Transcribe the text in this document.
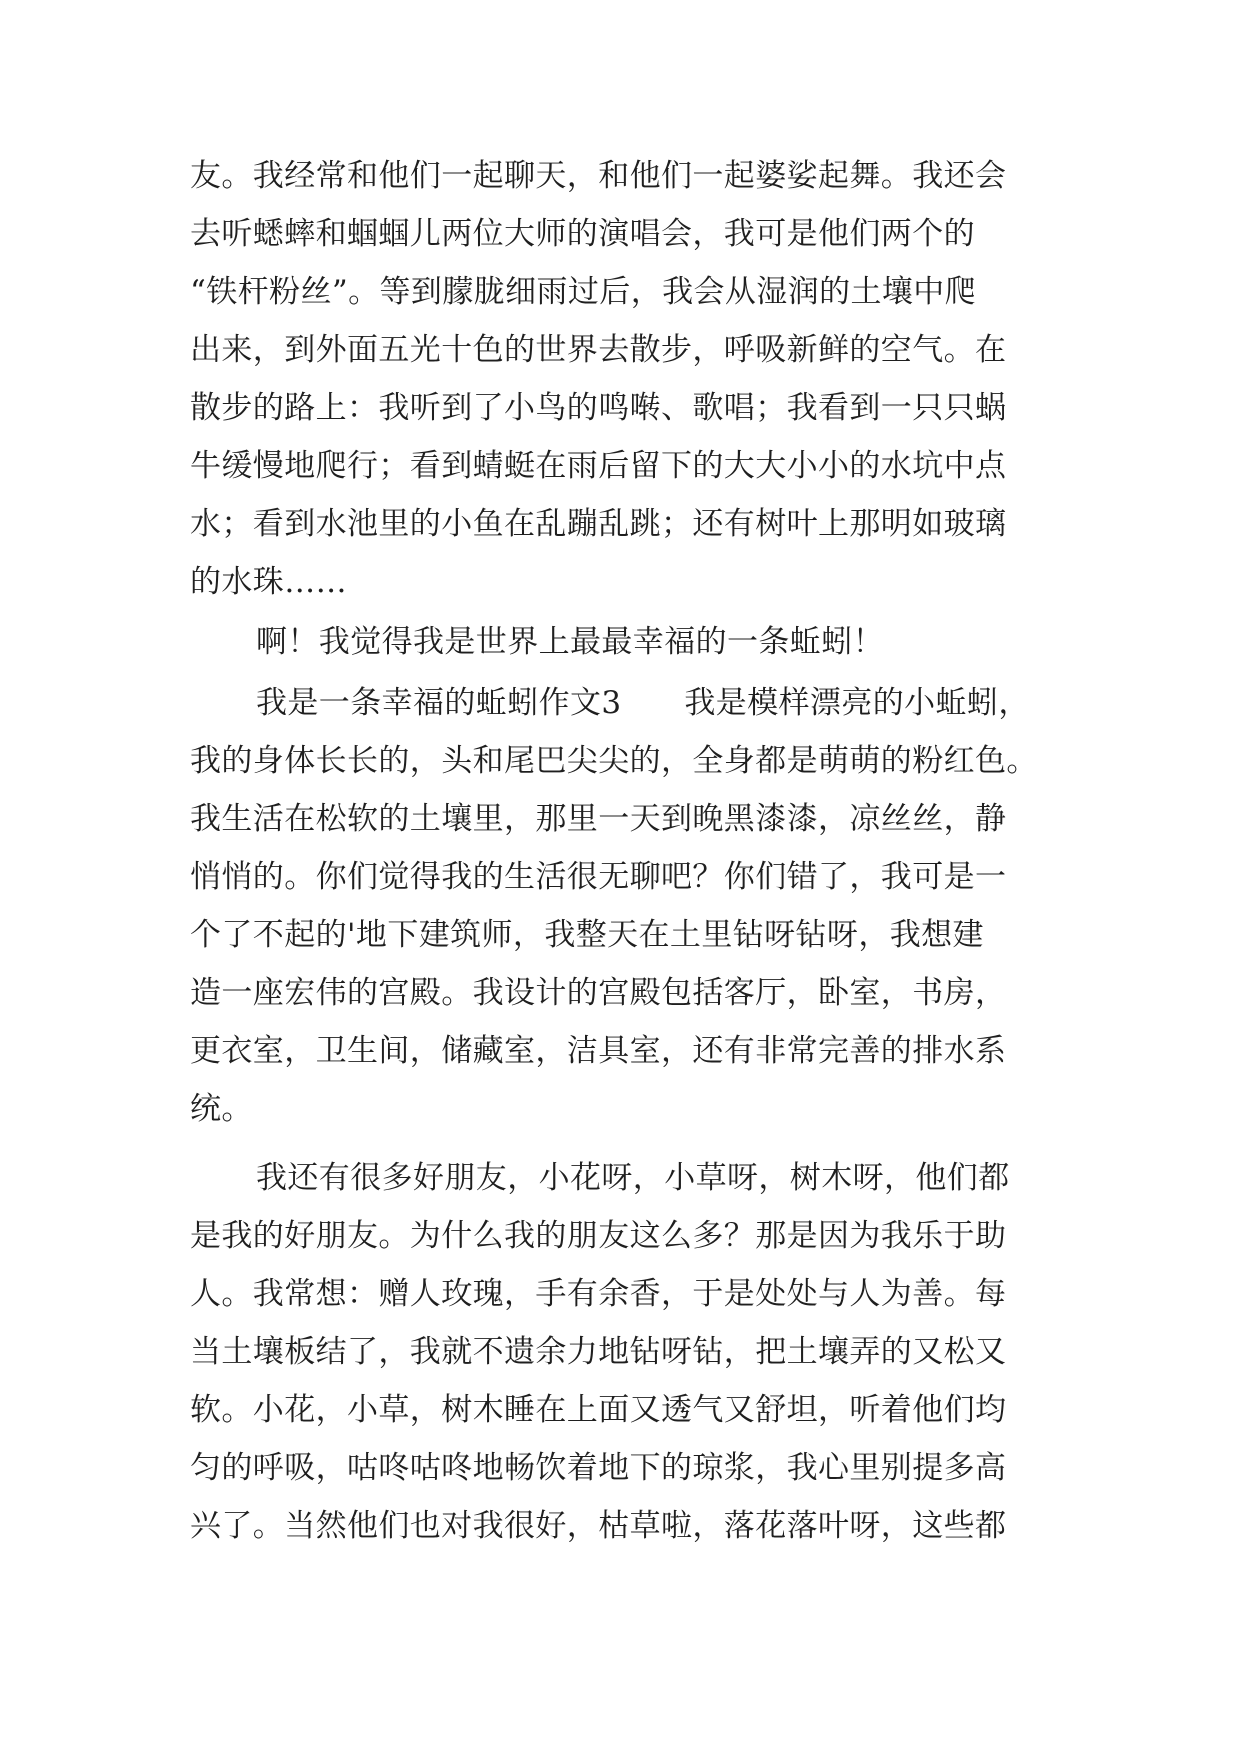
友。我经常和他们一起聊天，和他们一起婆娑起舞。我还会
去听蟋蟀和蝈蝈儿两位大师的演唱会，我可是他们两个的
“铁杆粉丝”。等到朦胧细雨过后，我会从湿润的土壤中爬
出来，到外面五光十色的世界去散步，呼吸新鲜的空气。在
散步的路上：我听到了小鸟的鸣啭、歌唱；我看到一只只蜗
牛缓慢地爬行；看到蜻蜓在雨后留下的大大小小的水坑中点
水；看到水池里的小鱼在乱蹦乱跳；还有树叶上那明如玻璃
的水珠……
啊！我觉得我是世界上最最幸福的一条蚯蚓！
我是一条幸福的蚯蚓作文3　　我是模样漂亮的小蚯蚓，
我的身体长长的，头和尾巴尖尖的，全身都是萌萌的粉红色。
我生活在松软的土壤里，那里一天到晚黑漆漆，凉丝丝，静
悄悄的。你们觉得我的生活很无聊吧？你们错了，我可是一
个了不起的'地下建筑师，我整天在土里钻呀钻呀，我想建
造一座宏伟的宫殿。我设计的宫殿包括客厅，卧室，书房，
更衣室，卫生间，储藏室，洁具室，还有非常完善的排水系
统。
我还有很多好朋友，小花呀，小草呀，树木呀，他们都
是我的好朋友。为什么我的朋友这么多？那是因为我乐于助
人。我常想：赠人玫瑰，手有余香，于是处处与人为善。每
当土壤板结了，我就不遗余力地钻呀钻，把土壤弄的又松又
软。小花，小草，树木睡在上面又透气又舒坦，听着他们均
匀的呼吸，咕咚咕咚地畅饮着地下的琼浆，我心里别提多高
兴了。当然他们也对我很好，枯草啦，落花落叶呀，这些都
